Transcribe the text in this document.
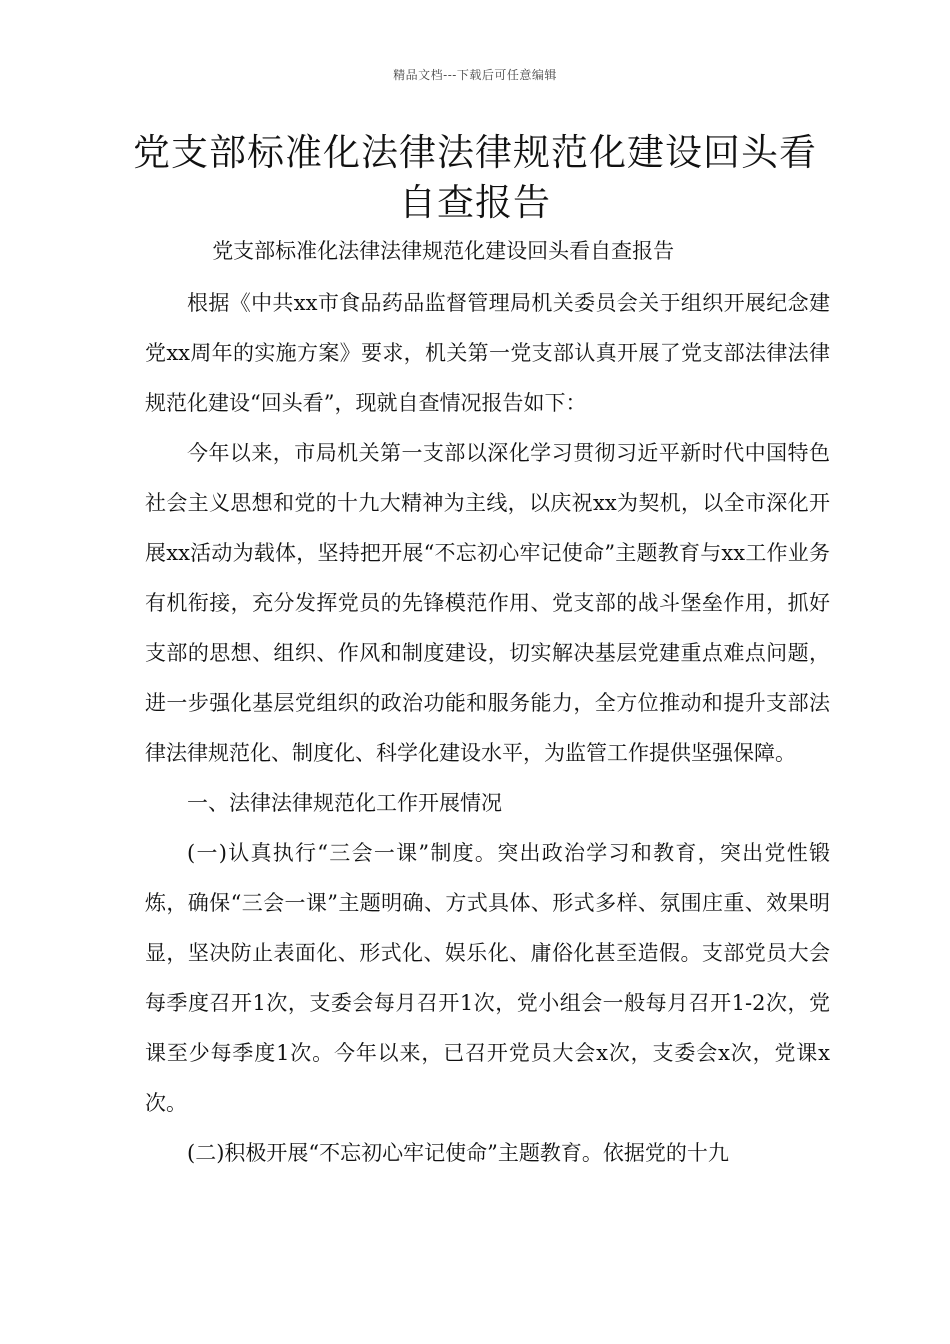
精品文档---下载后可任意编辑
党支部标准化法律法律规范化建设回头看自查报告

党支部标准化法律法律规范化建设回头看自查报告

根据《中共xx市食品药品监督管理局机关委员会关于组织开展纪念建党xx周年的实施方案》要求，机关第一党支部认真开展了党支部法律法律规范化建设“回头看”，现就自查情况报告如下：

今年以来，市局机关第一支部以深化学习贯彻习近平新时代中国特色社会主义思想和党的十九大精神为主线，以庆祝xx为契机，以全市深化开展xx活动为载体，坚持把开展“不忘初心牢记使命”主题教育与xx工作业务有机衔接，充分发挥党员的先锋模范作用、党支部的战斗堡垒作用，抓好支部的思想、组织、作风和制度建设，切实解决基层党建重点难点问题，进一步强化基层党组织的政治功能和服务能力，全方位推动和提升支部法律法律规范化、制度化、科学化建设水平，为监管工作提供坚强保障。

一、法律法律规范化工作开展情况

(一)认真执行“三会一课”制度。突出政治学习和教育，突出党性锻炼，确保“三会一课”主题明确、方式具体、形式多样、氛围庄重、效果明显，坚决防止表面化、形式化、娱乐化、庸俗化甚至造假。支部党员大会每季度召开1次，支委会每月召开1次，党小组会一般每月召开1-2次，党课至少每季度1次。今年以来，已召开党员大会x次，支委会x次，党课x次。

(二)积极开展“不忘初心牢记使命”主题教育。依据党的十九
